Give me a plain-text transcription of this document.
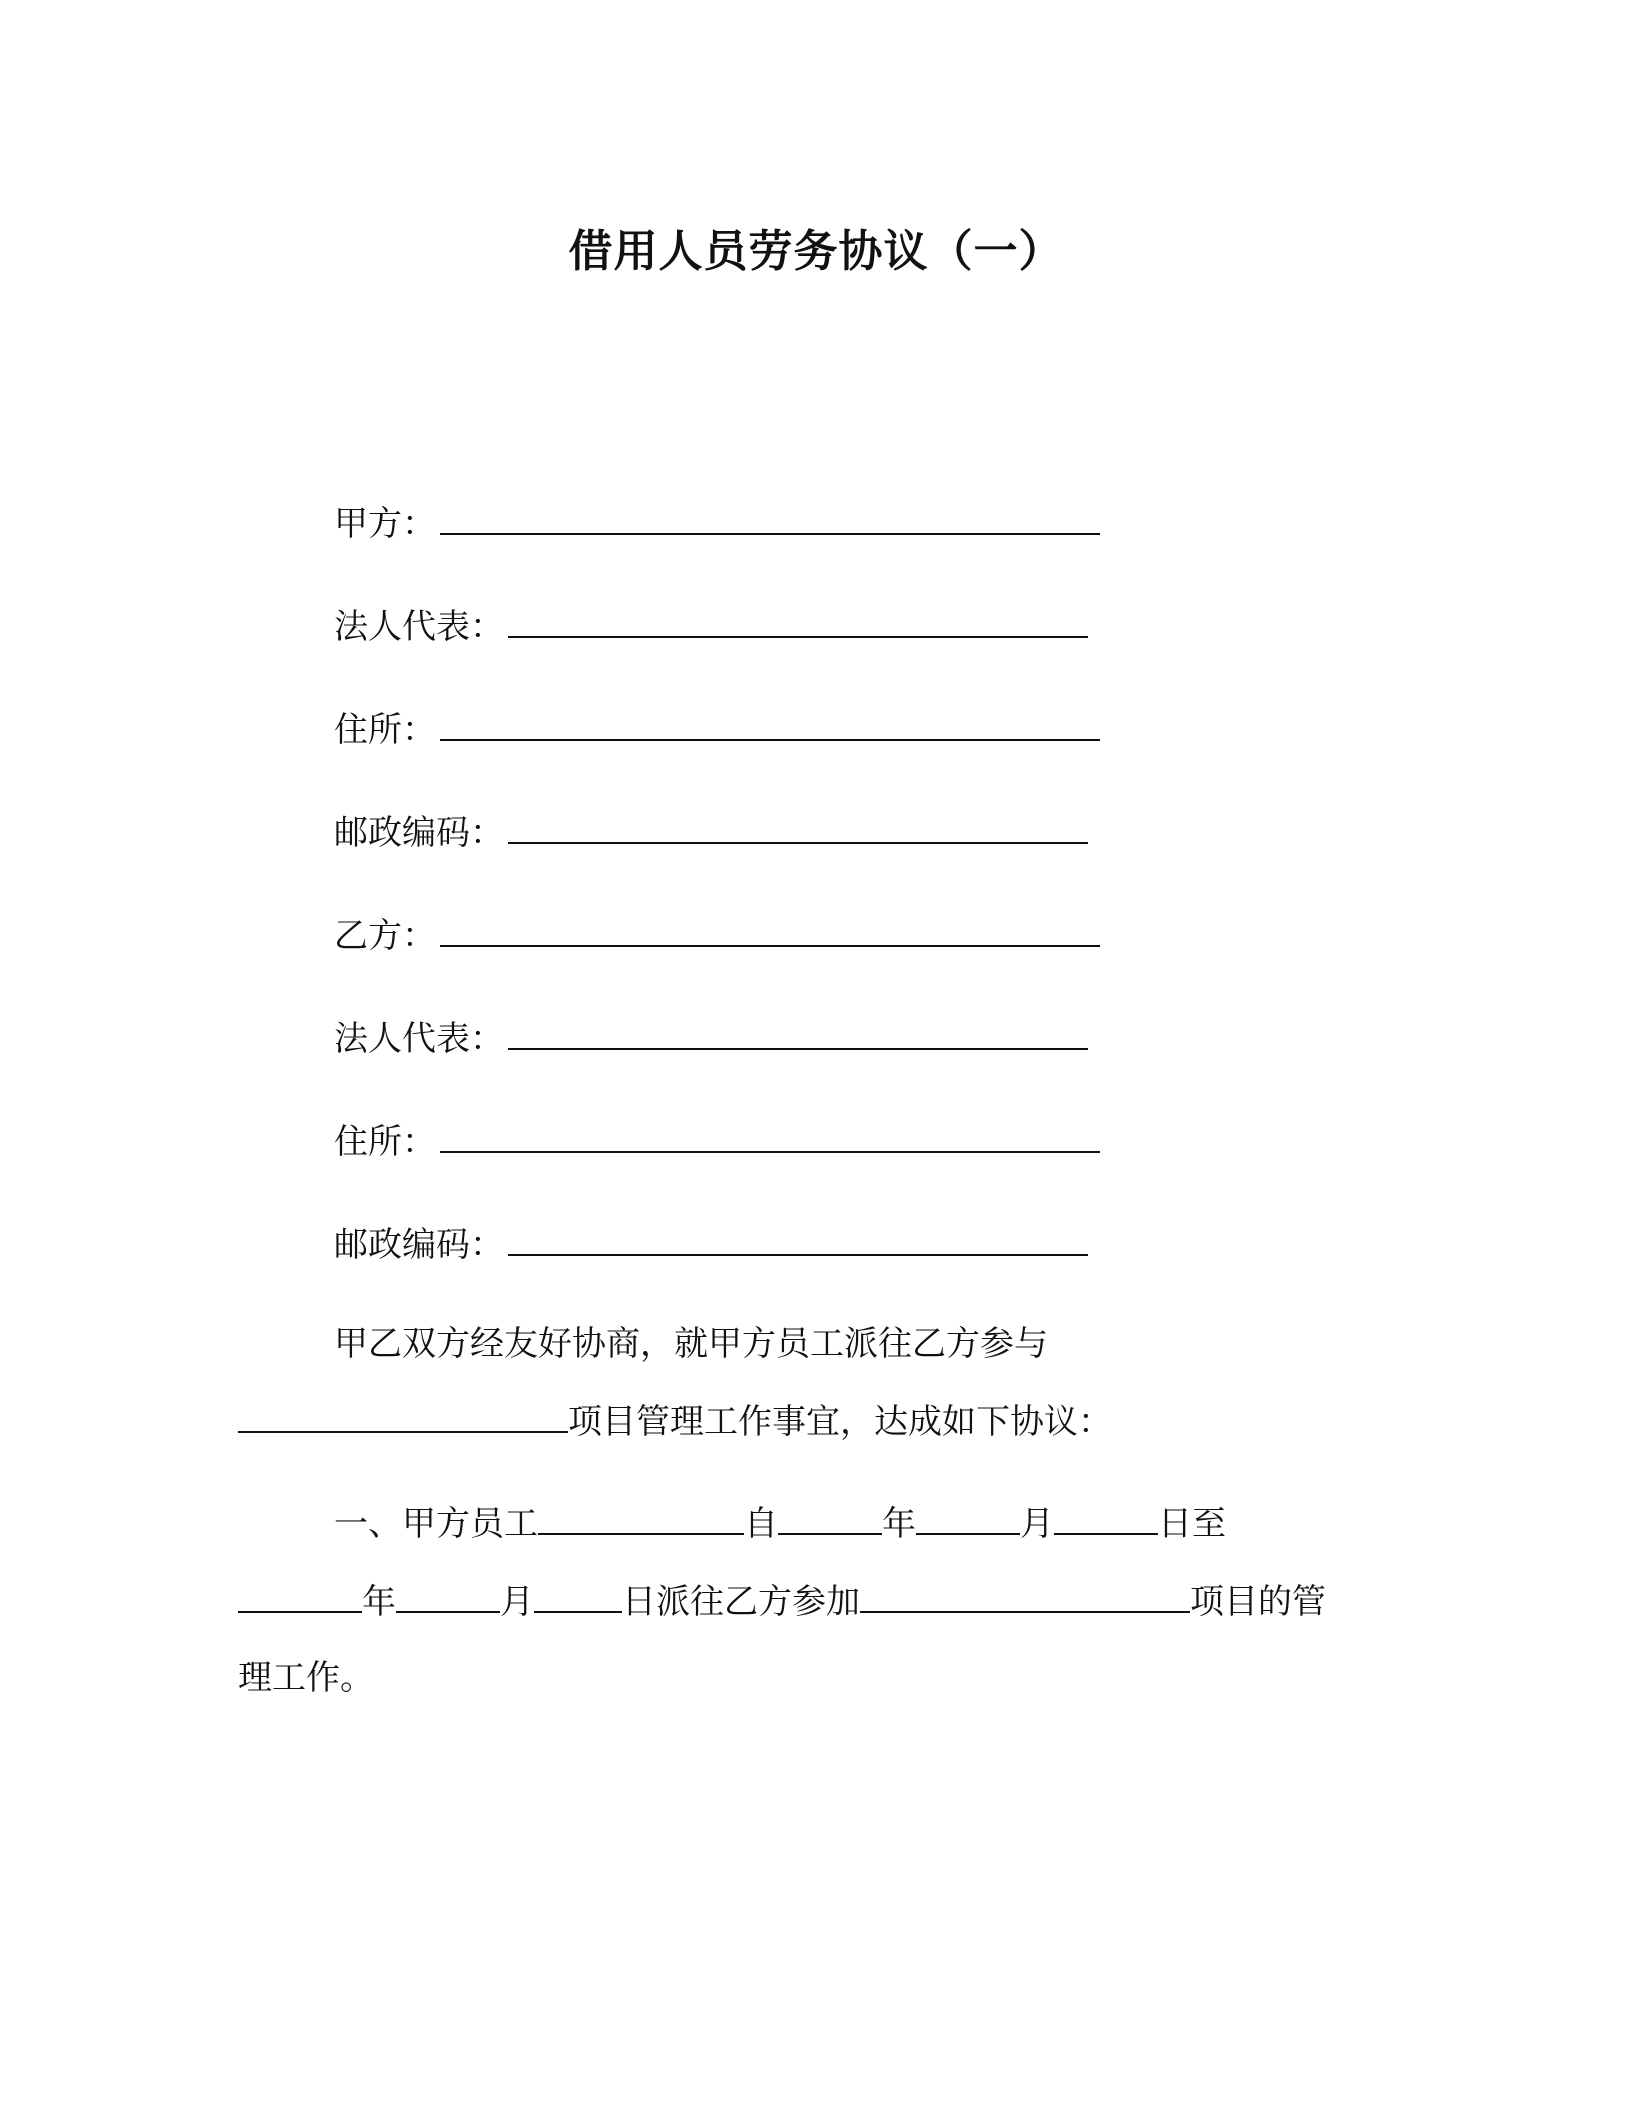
借用人员劳务协议（一）
甲方：
法人代表：
住所：
邮政编码：
乙方：
法人代表：
住所：
邮政编码：
甲乙双方经友好协商，就甲方员工派往乙方参与
项目管理工作事宜，达成如下协议：
一、甲方员工	自	年	月	日至
年	月	日派往乙方参加	项目的管
理工作。
